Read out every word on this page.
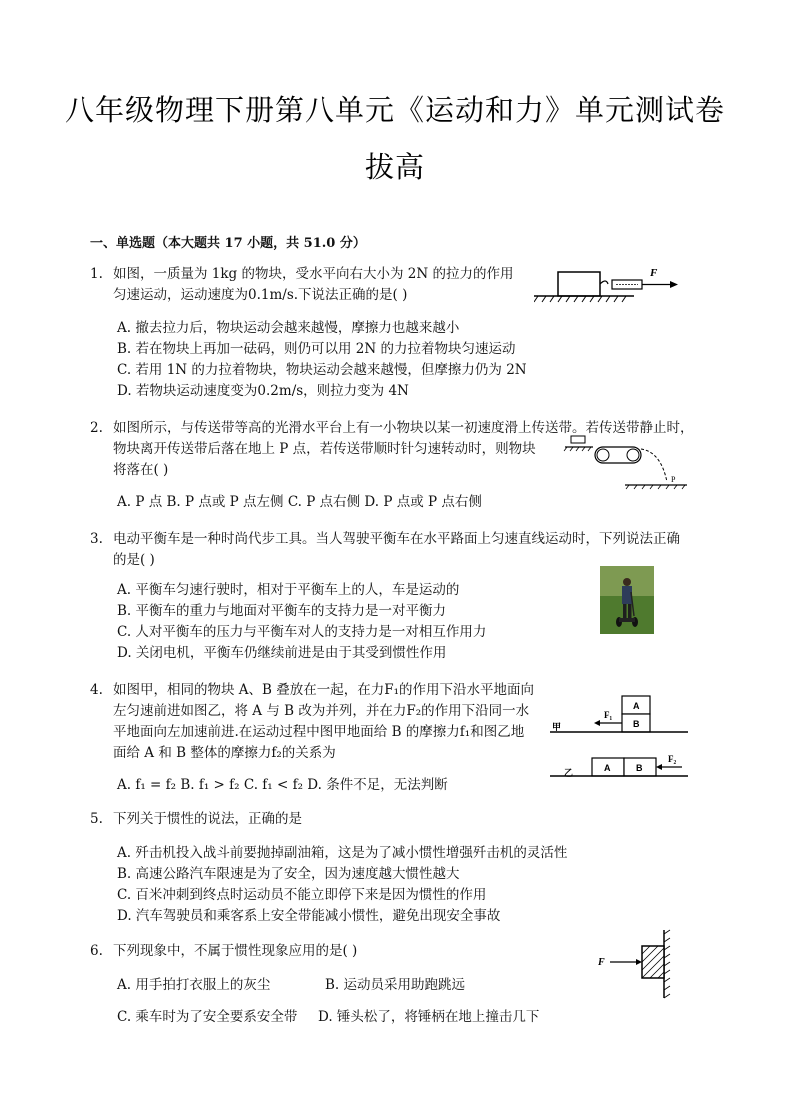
八年级物理下册第八单元《运动和力》单元测试卷
拔高
一、单选题（本大题共 17 小题，共 51.0 分）
1. 如图，一质量为 1kg 的物块，受水平向右大小为 2N 的拉力的作用
匀速运动，运动速度为0.1m/s.下说法正确的是( )
F
A. 撤去拉力后，物块运动会越来越慢，摩擦力也越来越小
B. 若在物块上再加一砝码，则仍可以用 2N 的力拉着物块匀速运动
C. 若用 1N 的力拉着物块，物块运动会越来越慢，但摩擦力仍为 2N
D. 若物块运动速度变为0.2m/s，则拉力变为 4N
2. 如图所示，与传送带等高的光滑水平台上有一小物块以某一初速度滑上传送带。若传送带静止时，
物块离开传送带后落在地上 P 点，若传送带顺时针匀速转动时，则物块
将落在( )
P
A. P 点 B. P 点或 P 点左侧 C. P 点右侧 D. P 点或 P 点右侧
3. 电动平衡车是一种时尚代步工具。当人驾驶平衡车在水平路面上匀速直线运动时，下列说法正确
的是( )
A. 平衡车匀速行驶时，相对于平衡车上的人，车是运动的
B. 平衡车的重力与地面对平衡车的支持力是一对平衡力
C. 人对平衡车的压力与平衡车对人的支持力是一对相互作用力
D. 关闭电机，平衡车仍继续前进是由于其受到惯性作用
4. 如图甲，相同的物块 A、B 叠放在一起，在力F₁的作用下沿水平地面向
左匀速前进如图乙，将 A 与 B 改为并列，并在力F₂的作用下沿同一水
平地面向左加速前进.在运动过程中图甲地面给 B 的摩擦力f₁和图乙地
面给 A 和 B 整体的摩擦力f₂的关系为
A
B
F₁
甲
A	B
F₂
乙
A. f₁ = f₂ B. f₁ > f₂ C. f₁ < f₂ D. 条件不足，无法判断
5. 下列关于惯性的说法，正确的是
A. 歼击机投入战斗前要抛掉副油箱，这是为了减小惯性增强歼击机的灵活性
B. 高速公路汽车限速是为了安全，因为速度越大惯性越大
C. 百米冲刺到终点时运动员不能立即停下来是因为惯性的作用
D. 汽车驾驶员和乘客系上安全带能减小惯性，避免出现安全事故
6. 下列现象中，不属于惯性现象应用的是( )
F
A. 用手拍打衣服上的灰尘	B. 运动员采用助跑跳远
C. 乘车时为了安全要系安全带 D. 锤头松了，将锤柄在地上撞击几下
